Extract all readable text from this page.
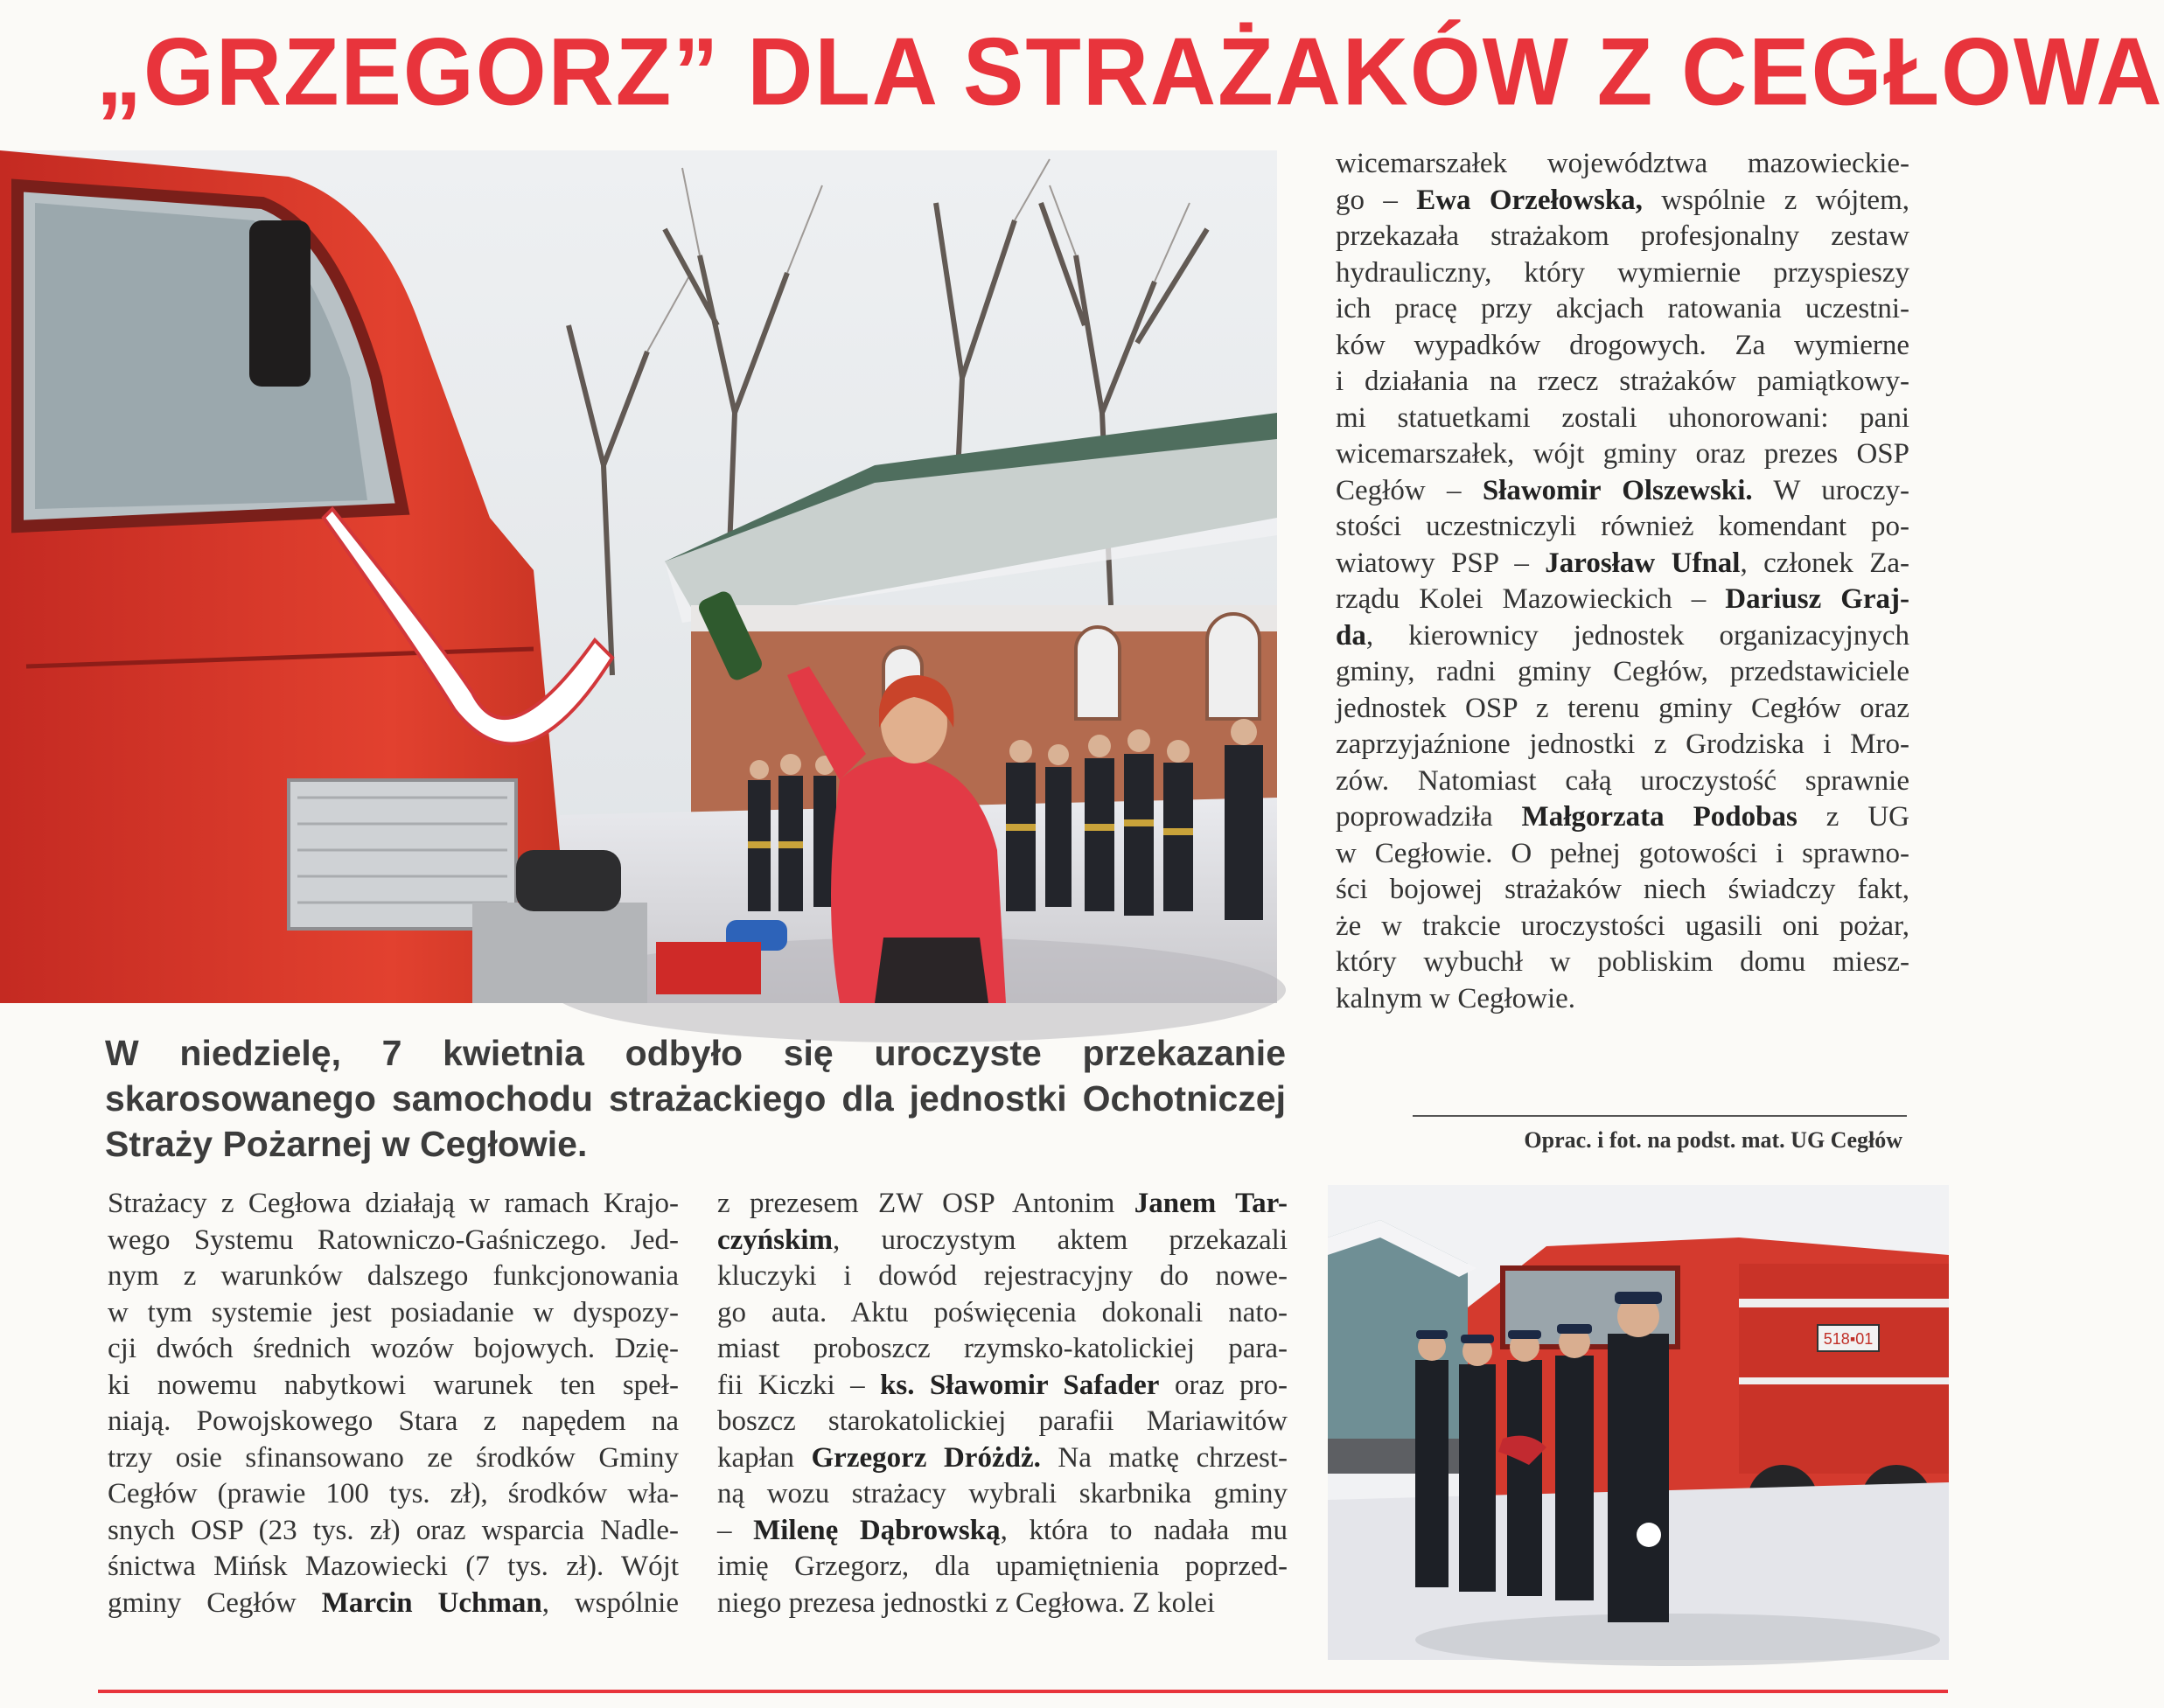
„GRZEGORZ” DLA STRAŻAKÓW Z CEGŁOWA

W niedzielę, 7 kwietnia odbyło się uroczyste przekazanie skarosowanego samochodu strażackiego dla jednostki Ochotniczej Straży Pożarnej w Cegłowie.

Strażacy z Cegłowa działają w ramach Krajo-
wego Systemu Ratowniczo-Gaśniczego. Jed-
nym z warunków dalszego funkcjonowania
w tym systemie jest posiadanie w dyspozy-
cji dwóch średnich wozów bojowych. Dzię-
ki nowemu nabytkowi warunek ten speł-
niają. Powojskowego Stara z napędem na
trzy osie sfinansowano ze środków Gminy
Cegłów (prawie 100 tys. zł), środków wła-
snych OSP (23 tys. zł) oraz wsparcia Nadle-
śnictwa Mińsk Mazowiecki (7 tys. zł). Wójt
gminy Cegłów Marcin Uchman, wspólnie
z prezesem ZW OSP Antonim Janem Tar-
czyńskim, uroczystym aktem przekazali
kluczyki i dowód rejestracyjny do nowe-
go auta. Aktu poświęcenia dokonali nato-
miast proboszcz rzymsko-katolickiej para-
fii Kiczki – ks. Sławomir Safader oraz pro-
boszcz starokatolickiej parafii Mariawitów
kapłan Grzegorz Dróżdż. Na matkę chrzest-
ną wozu strażacy wybrali skarbnika gminy
– Milenę Dąbrowską, która to nadała mu
imię Grzegorz, dla upamiętnienia poprzed-
niego prezesa jednostki z Cegłowa. Z kolei
wicemarszałek województwa mazowieckie-
go – Ewa Orzełowska, wspólnie z wójtem,
przekazała strażakom profesjonalny zestaw
hydrauliczny, który wymiernie przyspieszy
ich pracę przy akcjach ratowania uczestni-
ków wypadków drogowych. Za wymierne
i działania na rzecz strażaków pamiątkowy-
mi statuetkami zostali uhonorowani: pani
wicemarszałek, wójt gminy oraz prezes OSP
Cegłów – Sławomir Olszewski. W uroczy-
stości uczestniczyli również komendant po-
wiatowy PSP – Jarosław Ufnal, członek Za-
rządu Kolei Mazowieckich – Dariusz Graj-
da, kierownicy jednostek organizacyjnych
gminy, radni gminy Cegłów, przedstawiciele
jednostek OSP z terenu gminy Cegłów oraz
zaprzyjaźnione jednostki z Grodziska i Mro-
zów. Natomiast całą uroczystość sprawnie
poprowadziła Małgorzata Podobas z UG
w Cegłowie. O pełnej gotowości i sprawno-
ści bojowej strażaków niech świadczy fakt,
że w trakcie uroczystości ugasili oni pożar,
który wybuchł w pobliskim domu miesz-
kalnym w Cegłowie.

Oprac. i fot. na podst. mat. UG Cegłów

518▪01
